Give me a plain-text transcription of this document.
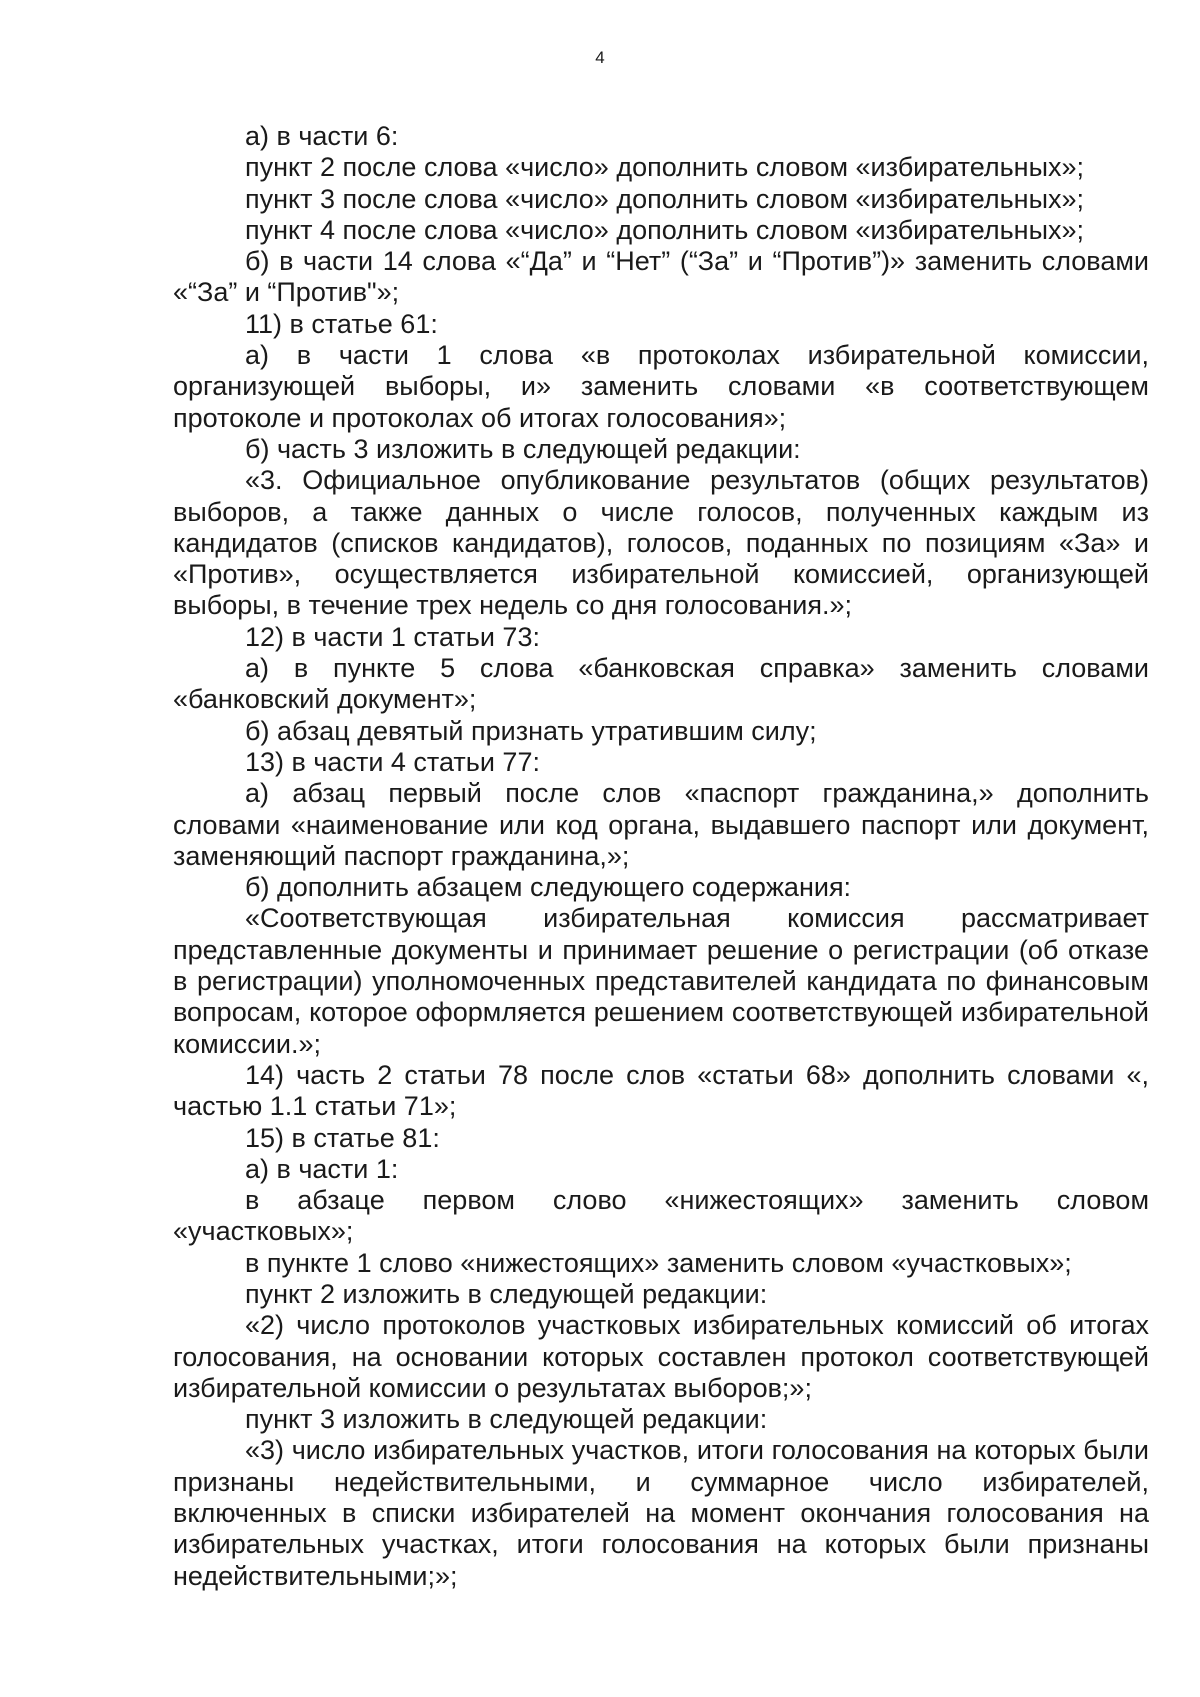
4

а) в части 6:

пункт 2 после слова «число» дополнить словом «избирательных»;

пункт 3 после слова «число» дополнить словом «избирательных»;

пункт 4 после слова «число» дополнить словом «избирательных»;

б) в части 14 слова «“Да” и “Нет” (“За” и “Против”)» заменить словами «“За” и “Против"»;

11) в статье 61:

а) в части 1 слова «в протоколах избирательной комиссии, организующей выборы, и» заменить словами «в соответствующем протоколе и протоколах об итогах голосования»;

б) часть 3 изложить в следующей редакции:

«3. Официальное опубликование результатов (общих результатов) выборов, а также данных о числе голосов, полученных каждым из кандидатов (списков кандидатов), голосов, поданных по позициям «За» и «Против», осуществляется избирательной комиссией, организующей выборы, в течение трех недель со дня голосования.»;

12) в части 1 статьи 73:

а) в пункте 5 слова «банковская справка» заменить словами «банковский документ»;

б) абзац девятый признать утратившим силу;

13) в части 4 статьи 77:

а) абзац первый после слов «паспорт гражданина,» дополнить словами «наименование или код органа, выдавшего паспорт или документ, заменяющий паспорт гражданина,»;

б) дополнить абзацем следующего содержания:

«Соответствующая избирательная комиссия рассматривает представленные документы и принимает решение о регистрации (об отказе в регистрации) уполномоченных представителей кандидата по финансовым вопросам, которое оформляется решением соответствующей избирательной комиссии.»;

14) часть 2 статьи 78 после слов «статьи 68» дополнить словами «, частью 1.1 статьи 71»;

15) в статье 81:

а) в части 1:

в абзаце первом слово «нижестоящих» заменить словом «участковых»;

в пункте 1 слово «нижестоящих» заменить словом «участковых»;

пункт 2 изложить в следующей редакции:

«2) число протоколов участковых избирательных комиссий об итогах голосования, на основании которых составлен протокол соответствующей избирательной комиссии о результатах выборов;»;

пункт 3 изложить в следующей редакции:

«3) число избирательных участков, итоги голосования на которых были признаны недействительными, и суммарное число избирателей, включенных в списки избирателей на момент окончания голосования на избирательных участках, итоги голосования на которых были признаны недействительными;»;
